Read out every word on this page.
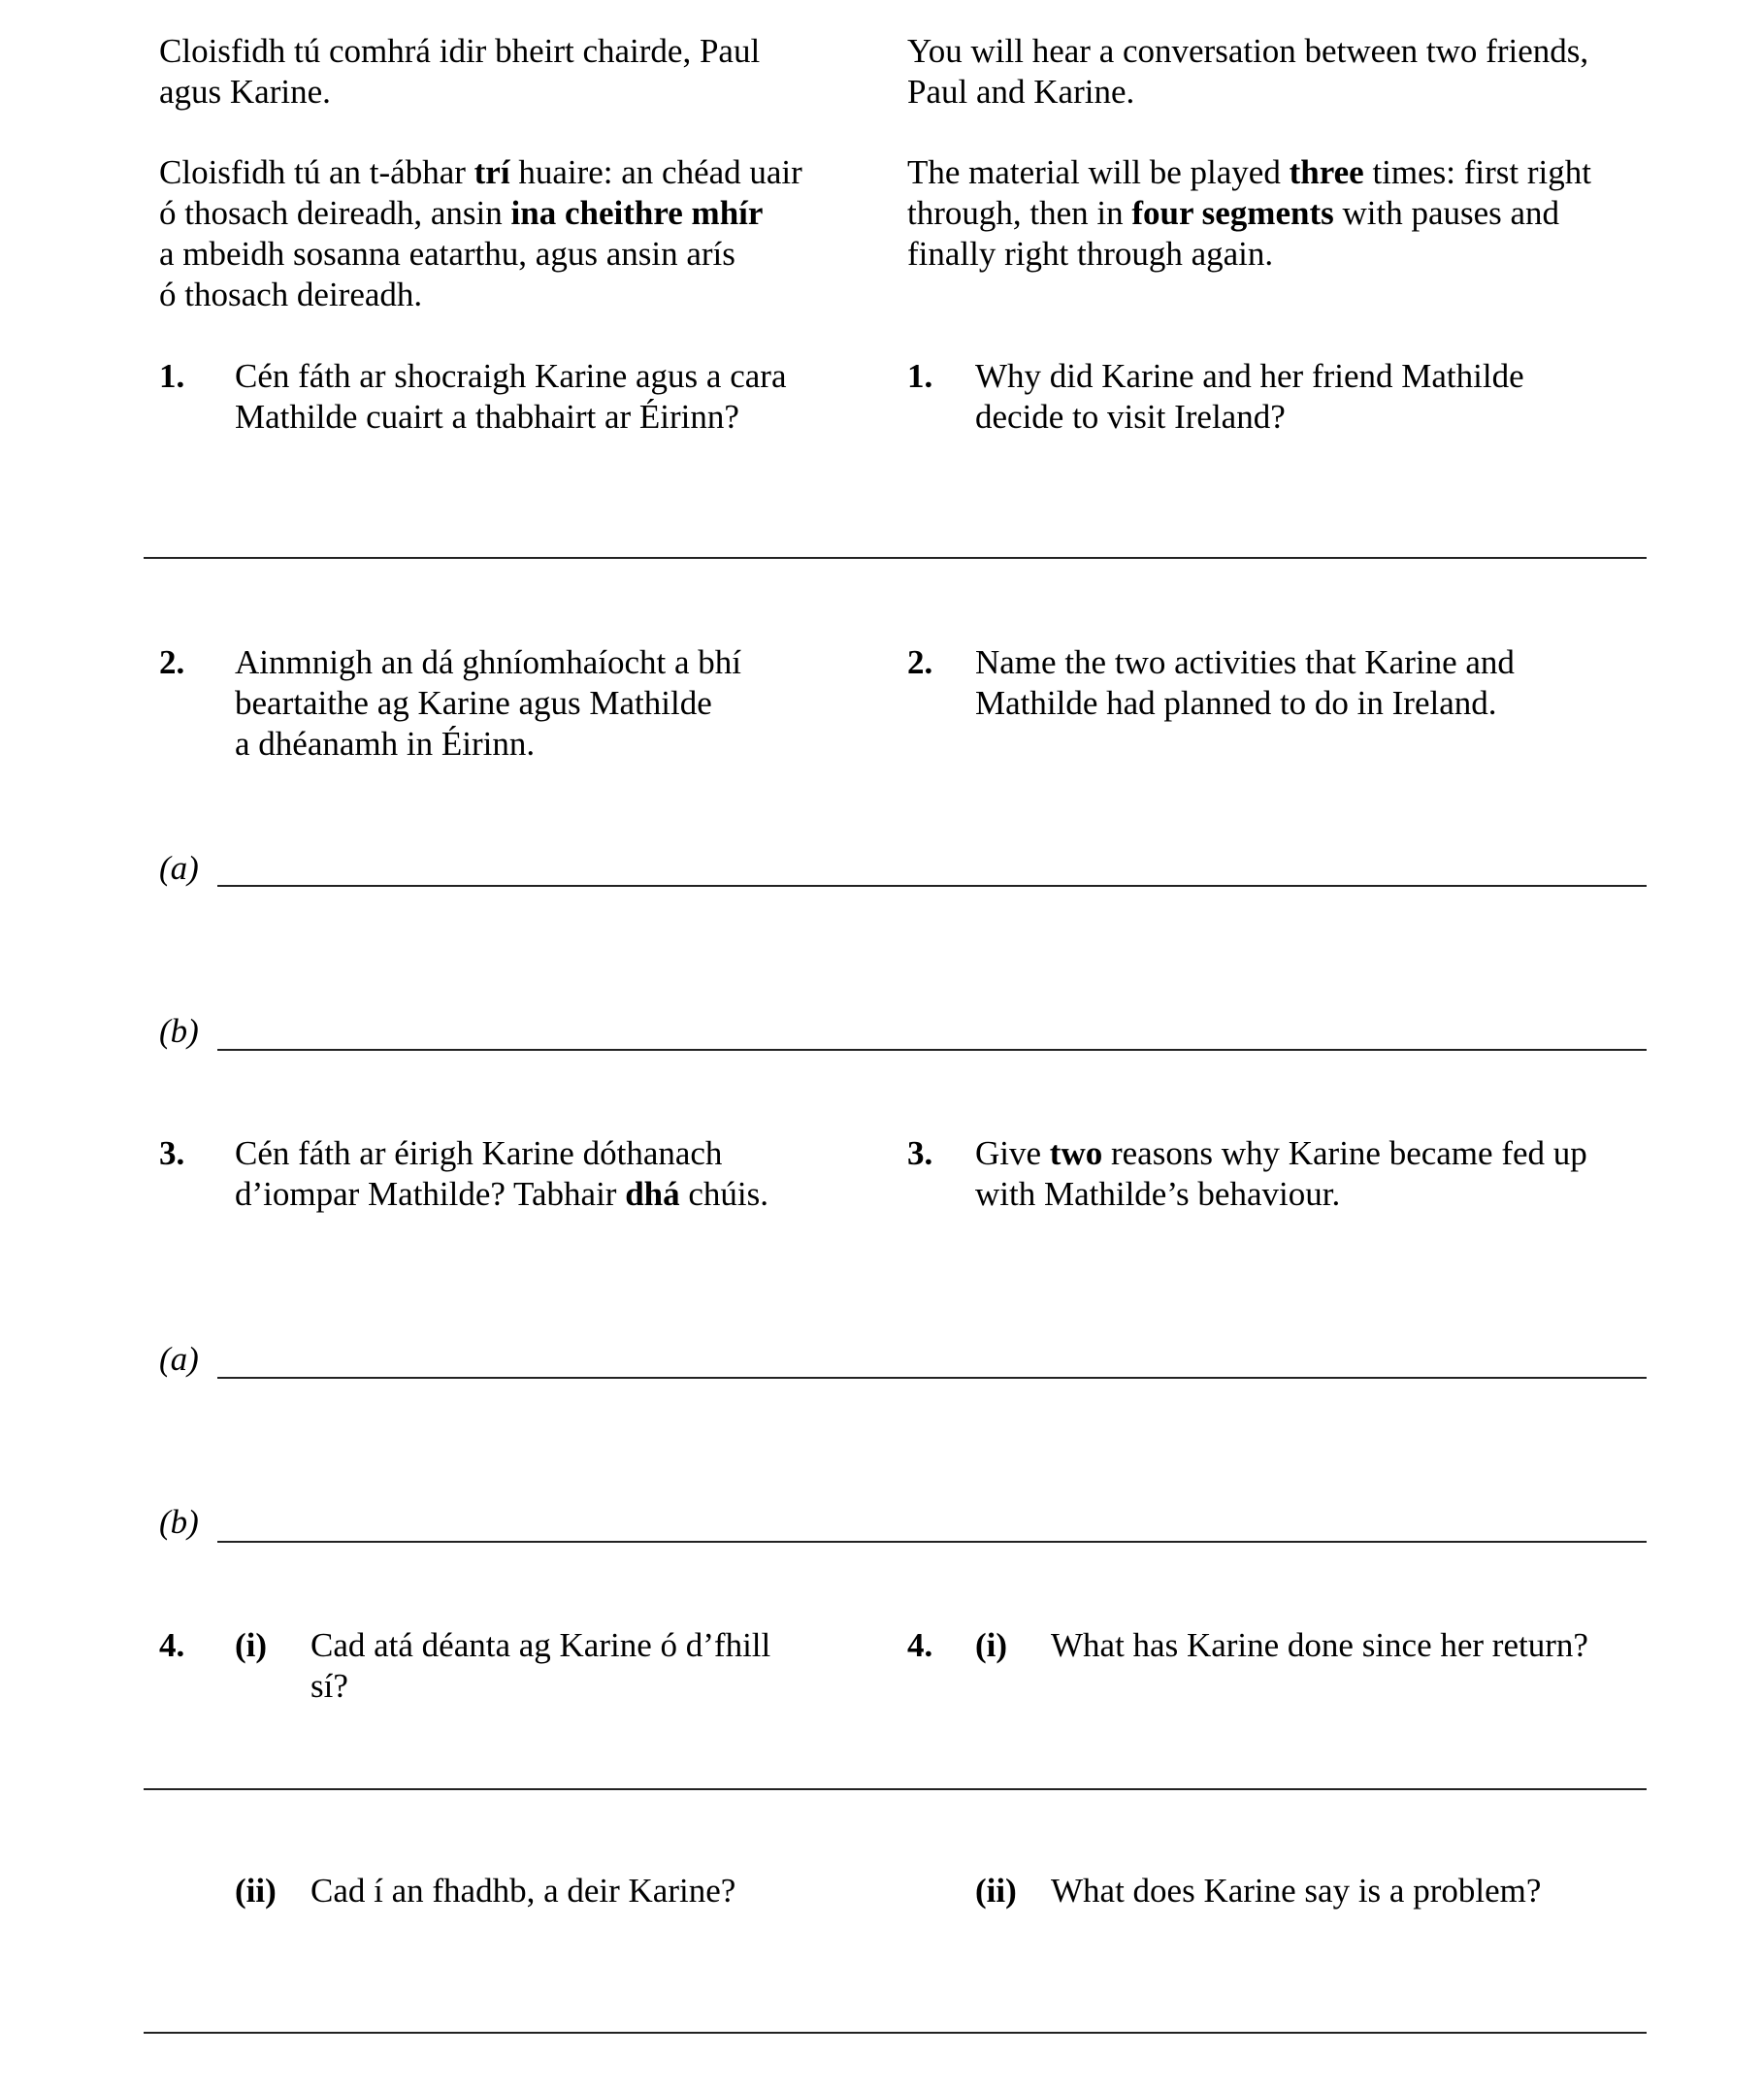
Cloisfidh tú comhrá idir bheirt chairde, Paul
agus Karine.
You will hear a conversation between two friends,
Paul and Karine.
Cloisfidh tú an t-ábhar trí huaire: an chéad uair
ó thosach deireadh, ansin ina cheithre mhír
a mbeidh sosanna eatarthu, agus ansin arís
ó thosach deireadh.
The material will be played three times: first right
through, then in four segments with pauses and
finally right through again.
1. Cén fáth ar shocraigh Karine agus a cara
Mathilde cuairt a thabhairt ar Éirinn?
1. Why did Karine and her friend Mathilde
decide to visit Ireland?
2. Ainmnigh an dá ghníomhaíocht a bhí
beartaithe ag Karine agus Mathilde
a dhéanamh in Éirinn.
2. Name the two activities that Karine and
Mathilde had planned to do in Ireland.
(a)
(b)
3. Cén fáth ar éirigh Karine dóthanach
d’iompar Mathilde? Tabhair dhá chúis.
3. Give two reasons why Karine became fed up
with Mathilde’s behaviour.
(a)
(b)
4. (i) Cad atá déanta ag Karine ó d’fhill
sí?
4. (i) What has Karine done since her return?
(ii) Cad í an fhadhb, a deir Karine?	(ii) What does Karine say is a problem?
